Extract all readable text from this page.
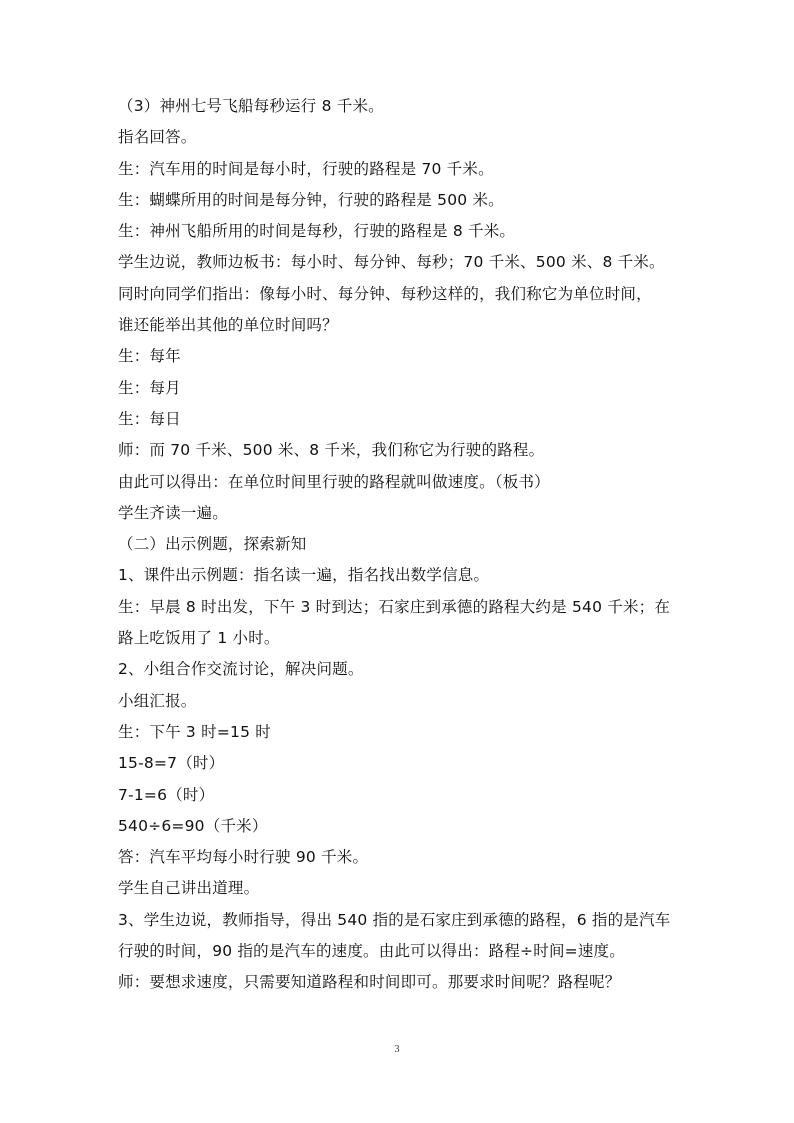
（3）神州七号飞船每秒运行 8 千米。
指名回答。
生：汽车用的时间是每小时，行驶的路程是 70 千米。
生：蝴蝶所用的时间是每分钟，行驶的路程是 500 米。
生：神州飞船所用的时间是每秒，行驶的路程是 8 千米。
学生边说，教师边板书：每小时、每分钟、每秒；70 千米、500 米、8 千米。
同时向同学们指出：像每小时、每分钟、每秒这样的，我们称它为单位时间，
谁还能举出其他的单位时间吗？
生：每年
生：每月
生：每日
师：而 70 千米、500 米、8 千米，我们称它为行驶的路程。
由此可以得出：在单位时间里行驶的路程就叫做速度。（板书）
学生齐读一遍。
（二）出示例题，探索新知
1、课件出示例题：指名读一遍，指名找出数学信息。
生：早晨 8 时出发，下午 3 时到达；石家庄到承德的路程大约是 540 千米；在
路上吃饭用了 1 小时。
2、小组合作交流讨论，解决问题。
小组汇报。
生：下午 3 时=15 时
15-8=7（时）
7-1=6（时）
540÷6=90（千米）
答：汽车平均每小时行驶 90 千米。
学生自己讲出道理。
3、学生边说，教师指导，得出 540 指的是石家庄到承德的路程，6 指的是汽车
行驶的时间，90 指的是汽车的速度。由此可以得出：路程÷时间=速度。
师：要想求速度，只需要知道路程和时间即可。那要求时间呢？路程呢？
3
